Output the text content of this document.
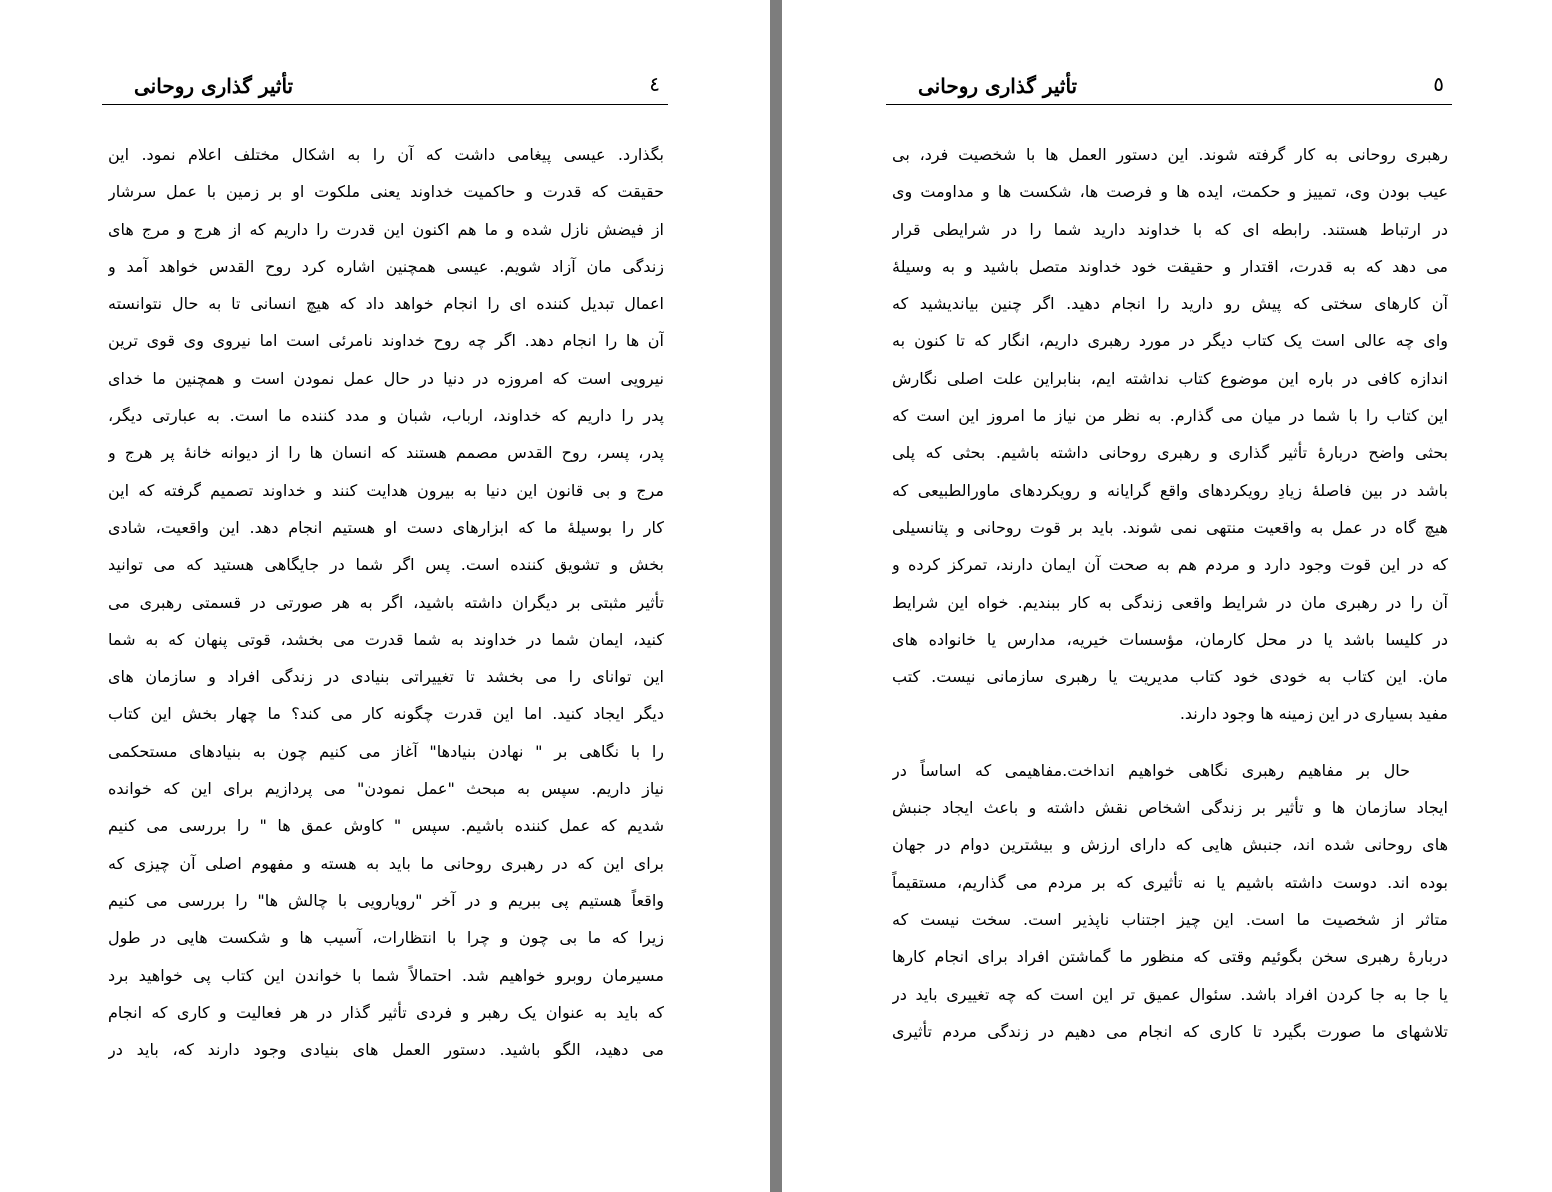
تأثیر گذاری روحانی	٤
بگذارد. عیسی پیغامی داشت که آن را به اشکال مختلف اعلام نمود. این
حقیقت که قدرت و حاکمیت خداوند یعنی ملکوت او بر زمین با عمل سرشار
از فیضش نازل شده و ما هم اکنون این قدرت را داریم که از هرج و مرج های
زندگی مان آزاد شویم. عیسی همچنین اشاره کرد روح القدس خواهد آمد و
اعمال تبدیل کننده ای را انجام خواهد داد که هیچ انسانی تا به حال نتوانسته
آن ها را انجام دهد. اگر چه روح خداوند نامرئی است اما نیروی وی قوی ترین
نیرویی است که امروزه در دنیا در حال عمل نمودن است و همچنین ما خدای
پدر را داریم که خداوند، ارباب، شبان و مدد کننده ما است. به عبارتی دیگر،
پدر، پسر، روح القدس مصمم هستند که انسان ها را از دیوانه خانۀ پر هرج و
مرج و بی قانون این دنیا به بیرون هدایت کنند و خداوند تصمیم گرفته که این
کار را بوسیلۀ ما که ابزارهای دست او هستیم انجام دهد. این واقعیت، شادی
بخش و تشویق کننده است. پس اگر شما در جایگاهی هستید که می توانید
تأثیر مثبتی بر دیگران داشته باشید، اگر به هر صورتی در قسمتی رهبری می
کنید، ایمان شما در خداوند به شما قدرت می بخشد، قوتی پنهان که به شما
این توانای را می بخشد تا تغییراتی بنیادی در زندگی افراد و سازمان های
دیگر ایجاد کنید. اما این قدرت چگونه کار می کند؟ ما چهار بخش این کتاب
را با نگاهی بر " نهادن بنیادها" آغاز می کنیم چون به بنیادهای مستحکمی
نیاز داریم. سپس به مبحث "عمل نمودن" می پردازیم برای این که خوانده
شدیم که عمل کننده باشیم. سپس " کاوش عمق ها " را بررسی می کنیم
برای این که در رهبری روحانی ما باید به هسته و مفهوم اصلی آن چیزی که
واقعاً هستیم پی ببریم و در آخر "رویارویی با چالش ها" را بررسی می کنیم
زیرا که ما بی چون و چرا با انتظارات، آسیب ها و شکست هایی در طول
مسیرمان روبرو خواهیم شد. احتمالاً شما با خواندن این کتاب پی خواهید برد
که باید به عنوان یک رهبر و فردی تأثیر گذار در هر فعالیت و کاری که انجام
می دهید، الگو باشید. دستور العمل های بنیادی وجود دارند که، باید در
تأثیر گذاری روحانی	٥
رهبری روحانی به کار گرفته شوند. این دستور العمل ها با شخصیت فرد، بی
عیب بودن وی، تمییز و حکمت، ایده ها و فرصت ها، شکست ها و مداومت وی
در ارتباط هستند. رابطه ای که با خداوند دارید شما را در شرایطی قرار
می دهد که به قدرت، اقتدار و حقیقت خود خداوند متصل باشید و به وسیلۀ
آن کارهای سختی که پیش رو دارید را انجام دهید. اگر چنین بیاندیشید که
وای چه عالی است یک کتاب دیگر در مورد رهبری داریم، انگار که تا کنون به
اندازه کافی در باره این موضوع کتاب نداشته ایم، بنابراین علت اصلی نگارش
این کتاب را با شما در میان می گذارم. به نظر من نیاز ما امروز این است که
بحثی واضح دربارۀ تأثیر گذاری و رهبری روحانی داشته باشیم. بحثی که پلی
باشد در بین فاصلۀ زیادِ رویکردهای واقع گرایانه و رویکردهای ماورالطبیعی که
هیچ گاه در عمل به واقعیت منتهی نمی شوند. باید بر قوت روحانی و پتانسیلی
که در این قوت وجود دارد و مردم هم به صحت آن ایمان دارند، تمرکز کرده و
آن را در رهبری مان در شرایط واقعی زندگی به کار ببندیم. خواه این شرایط
در کلیسا باشد یا در محل کارمان، مؤسسات خیریه، مدارس یا خانواده های
مان. این کتاب به خودی خود کتاب مدیریت یا رهبری سازمانی نیست. کتب
مفید بسیاری در این زمینه ها وجود دارند.
حال بر مفاهیم رهبری نگاهی خواهیم انداخت.مفاهیمی که اساساً در
ایجاد سازمان ها و تأثیر بر زندگی اشخاص نقش داشته و باعث ایجاد جنبش
های روحانی شده اند، جنبش هایی که دارای ارزش و بیشترین دوام در جهان
بوده اند. دوست داشته باشیم یا نه تأثیری که بر مردم می گذاریم، مستقیماً
متاثر از شخصیت ما است. این چیز اجتناب ناپذیر است. سخت نیست که
دربارۀ رهبری سخن بگوئیم وقتی که منظور ما گماشتن افراد برای انجام کارها
یا جا به جا کردن افراد باشد. سئوال عمیق تر این است که چه تغییری باید در
تلاشهای ما صورت بگیرد تا کاری که انجام می دهیم در زندگی مردم تأثیری
